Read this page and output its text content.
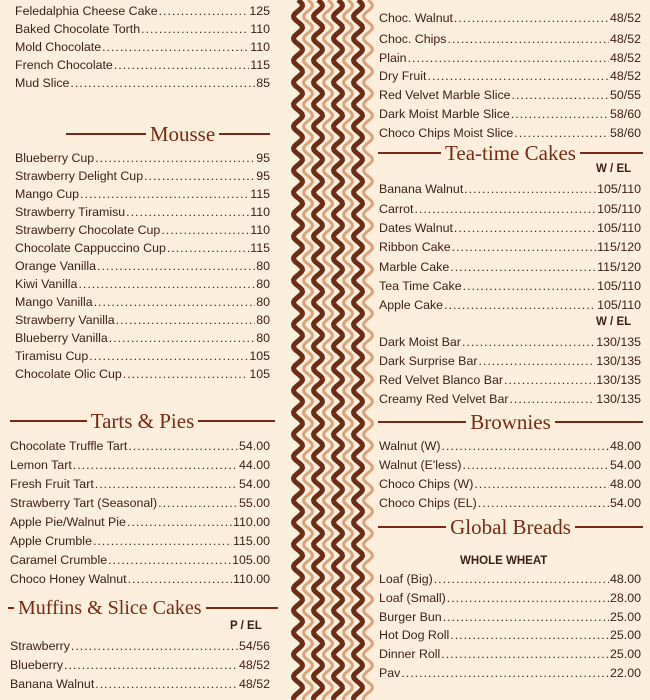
Feledalphia Cheese Cake .....	125
Baked Chocolate Torth .....	110
Mold Chocolate .....	110
French Chocolate .....	115
Mud Slice .....	85
Mousse
Blueberry Cup .....	95
Strawberry Delight Cup .....	95
Mango Cup .....	115
Strawberry Tiramisu .....	110
Strawberry Chocolate Cup .....	110
Chocolate Cappuccino Cup .....	115
Orange Vanilla .....	80
Kiwi Vanilla .....	80
Mango Vanilla .....	80
Strawberry Vanilla .....	80
Blueberry Vanilla .....	80
Tiramisu Cup .....	105
Chocolate Olic Cup .....	105
Tarts & Pies
Chocolate Truffle Tart .....	54.00
Lemon Tart .....	44.00
Fresh Fruit Tart .....	54.00
Strawberry Tart (Seasonal) .....	55.00
Apple Pie/Walnut Pie .....	110.00
Apple Crumble .....	115.00
Caramel Crumble .....	105.00
Choco Honey Walnut .....	110.00
Muffins & Slice Cakes
P / EL
Strawberry .....	54/56
Blueberry .....	48/52
Banana Walnut .....	48/52
Choc. Walnut .....	48/52
Choc. Chips .....	48/52
Plain .....	48/52
Dry Fruit .....	48/52
Red Velvet Marble Slice .....	50/55
Dark Moist Marble Slice .....	58/60
Choco Chips Moist Slice .....	58/60
Tea-time Cakes
W / EL
Banana Walnut .....	105/110
Carrot .....	105/110
Dates Walnut .....	105/110
Ribbon Cake .....	115/120
Marble Cake .....	115/120
Tea Time Cake .....	105/110
Apple Cake .....	105/110
W / EL
Dark Moist Bar .....	130/135
Dark Surprise Bar .....	130/135
Red Velvet Blanco Bar .....	130/135
Creamy Red Velvet Bar .....	130/135
Brownies
Walnut (W) .....	48.00
Walnut (E'less) .....	54.00
Choco Chips (W) .....	48.00
Choco Chips (EL) .....	54.00
Global Breads
WHOLE WHEAT
Loaf (Big) .....	48.00
Loaf (Small) .....	28.00
Burger Bun .....	25.00
Hot Dog Roll .....	25.00
Dinner Roll .....	25.00
Pav .....	22.00
